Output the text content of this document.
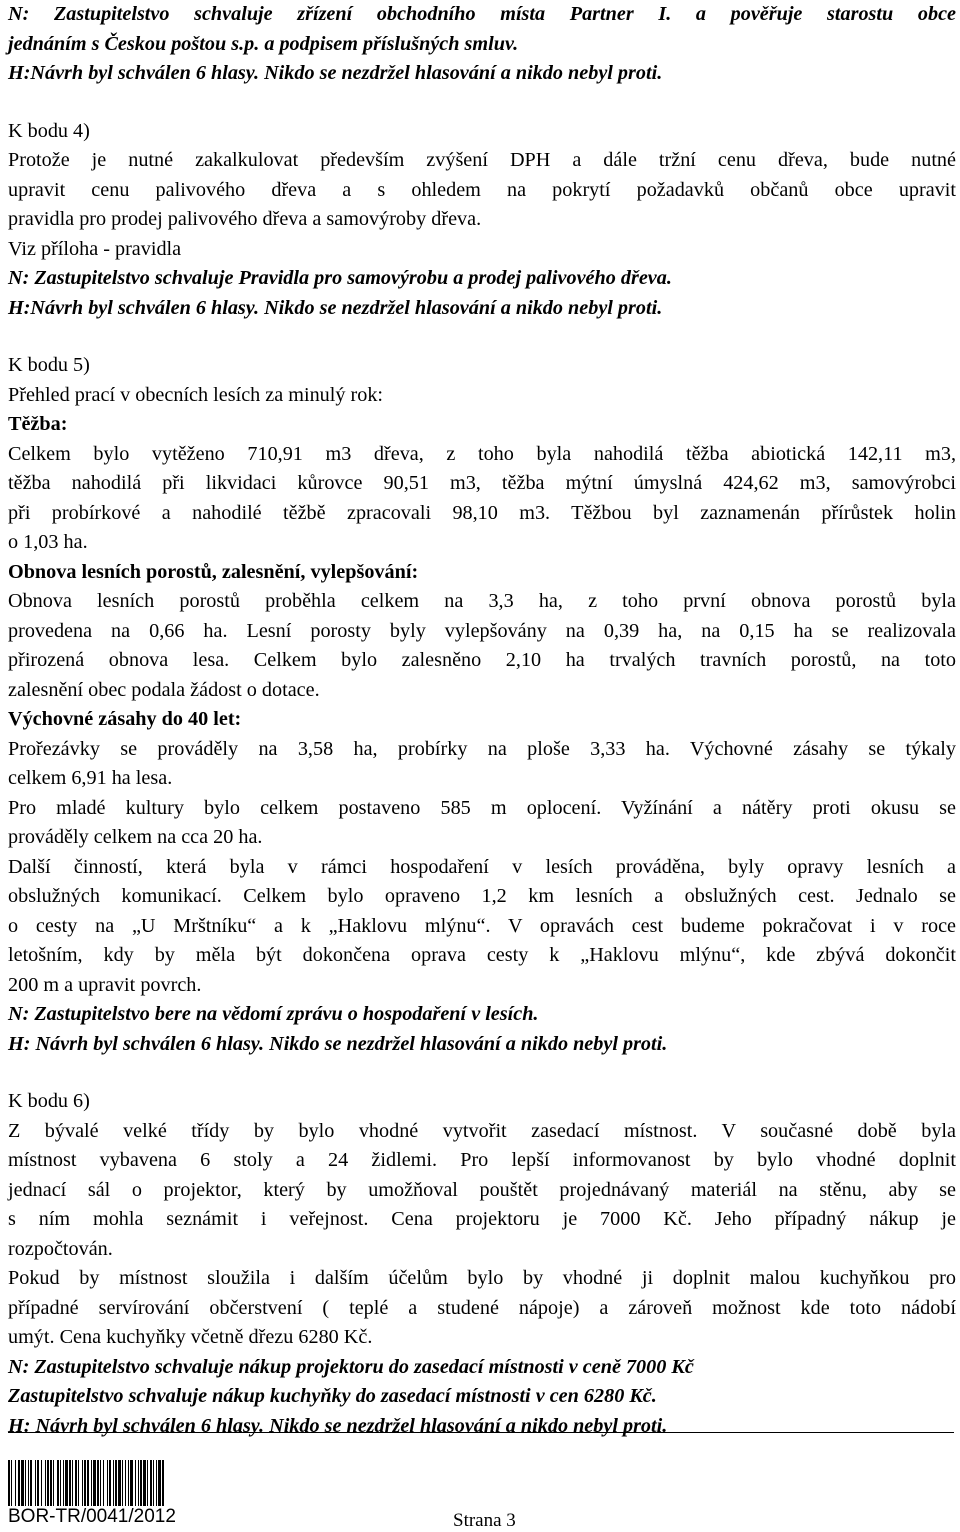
N: Zastupitelstvo schvaluje zřízení obchodního místa Partner I. a pověřuje starostu obce

jednáním s Českou poštou s.p. a podpisem příslušných smluv.

H:Návrh byl schválen 6 hlasy. Nikdo se nezdržel hlasování a nikdo nebyl proti.

K bodu 4)

Protože je nutné zakalkulovat především zvýšení DPH a dále tržní cenu dřeva, bude nutné

upravit cenu palivového dřeva a s ohledem na pokrytí požadavků občanů obce upravit

pravidla pro prodej palivového dřeva a samovýroby dřeva.

Viz příloha - pravidla

N: Zastupitelstvo schvaluje Pravidla pro samovýrobu a prodej palivového dřeva.

H:Návrh byl schválen 6 hlasy. Nikdo se nezdržel hlasování a nikdo nebyl proti.

K bodu 5)

Přehled prací v obecních lesích za minulý rok:

Těžba:

Celkem bylo vytěženo 710,91 m3 dřeva, z toho byla nahodilá těžba abiotická 142,11 m3,

těžba nahodilá při likvidaci kůrovce 90,51 m3, těžba mýtní úmyslná 424,62 m3, samovýrobci

při probírkové a nahodilé těžbě zpracovali 98,10 m3. Těžbou byl zaznamenán přírůstek holin

o 1,03 ha.

Obnova lesních porostů, zalesnění, vylepšování:

Obnova lesních porostů proběhla celkem na 3,3 ha, z toho první obnova porostů byla

provedena na 0,66 ha. Lesní porosty byly vylepšovány na 0,39 ha, na 0,15 ha se realizovala

přirozená obnova lesa. Celkem bylo zalesněno 2,10 ha trvalých travních porostů, na toto

zalesnění obec podala žádost o dotace.

Výchovné zásahy do 40 let:

Prořezávky se prováděly na 3,58 ha, probírky na ploše 3,33 ha. Výchovné zásahy se týkaly

celkem 6,91 ha lesa.

Pro mladé kultury bylo celkem postaveno 585 m oplocení. Vyžínání a nátěry proti okusu se

prováděly celkem na cca 20 ha.

Další činností, která byla v rámci hospodaření v lesích prováděna, byly opravy lesních a

obslužných komunikací. Celkem bylo opraveno 1,2 km lesních a obslužných cest. Jednalo se

o cesty na „U Mrštníku“ a k „Haklovu mlýnu“. V opravách cest budeme pokračovat i v roce

letošním, kdy by měla být dokončena oprava cesty k „Haklovu mlýnu“, kde zbývá dokončit

200 m a upravit povrch.

N: Zastupitelstvo bere na vědomí zprávu o hospodaření v lesích.

H: Návrh byl schválen 6 hlasy. Nikdo se nezdržel hlasování a nikdo nebyl proti.

K bodu 6)

Z bývalé velké třídy by bylo vhodné vytvořit zasedací místnost. V současné době byla

místnost vybavena 6 stoly a 24 židlemi. Pro lepší informovanost by bylo vhodné doplnit

jednací sál o projektor, který by umožňoval pouštět projednávaný materiál na stěnu, aby se

s ním mohla seznámit i veřejnost. Cena projektoru je 7000 Kč. Jeho případný nákup je

rozpočtován.

Pokud by místnost sloužila i dalším účelům bylo by vhodné ji doplnit malou kuchyňkou pro

případné servírování občerstvení ( teplé a studené nápoje) a zároveň možnost kde toto nádobí

umýt. Cena kuchyňky včetně dřezu 6280 Kč.

N: Zastupitelstvo schvaluje nákup projektoru do zasedací místnosti v ceně 7000 Kč

Zastupitelstvo schvaluje nákup kuchyňky do zasedací místnosti v cen 6280 Kč.

H: Návrh byl schválen 6 hlasy. Nikdo se nezdržel hlasování a nikdo nebyl proti.

BOR-TR/0041/2012	Strana 3
